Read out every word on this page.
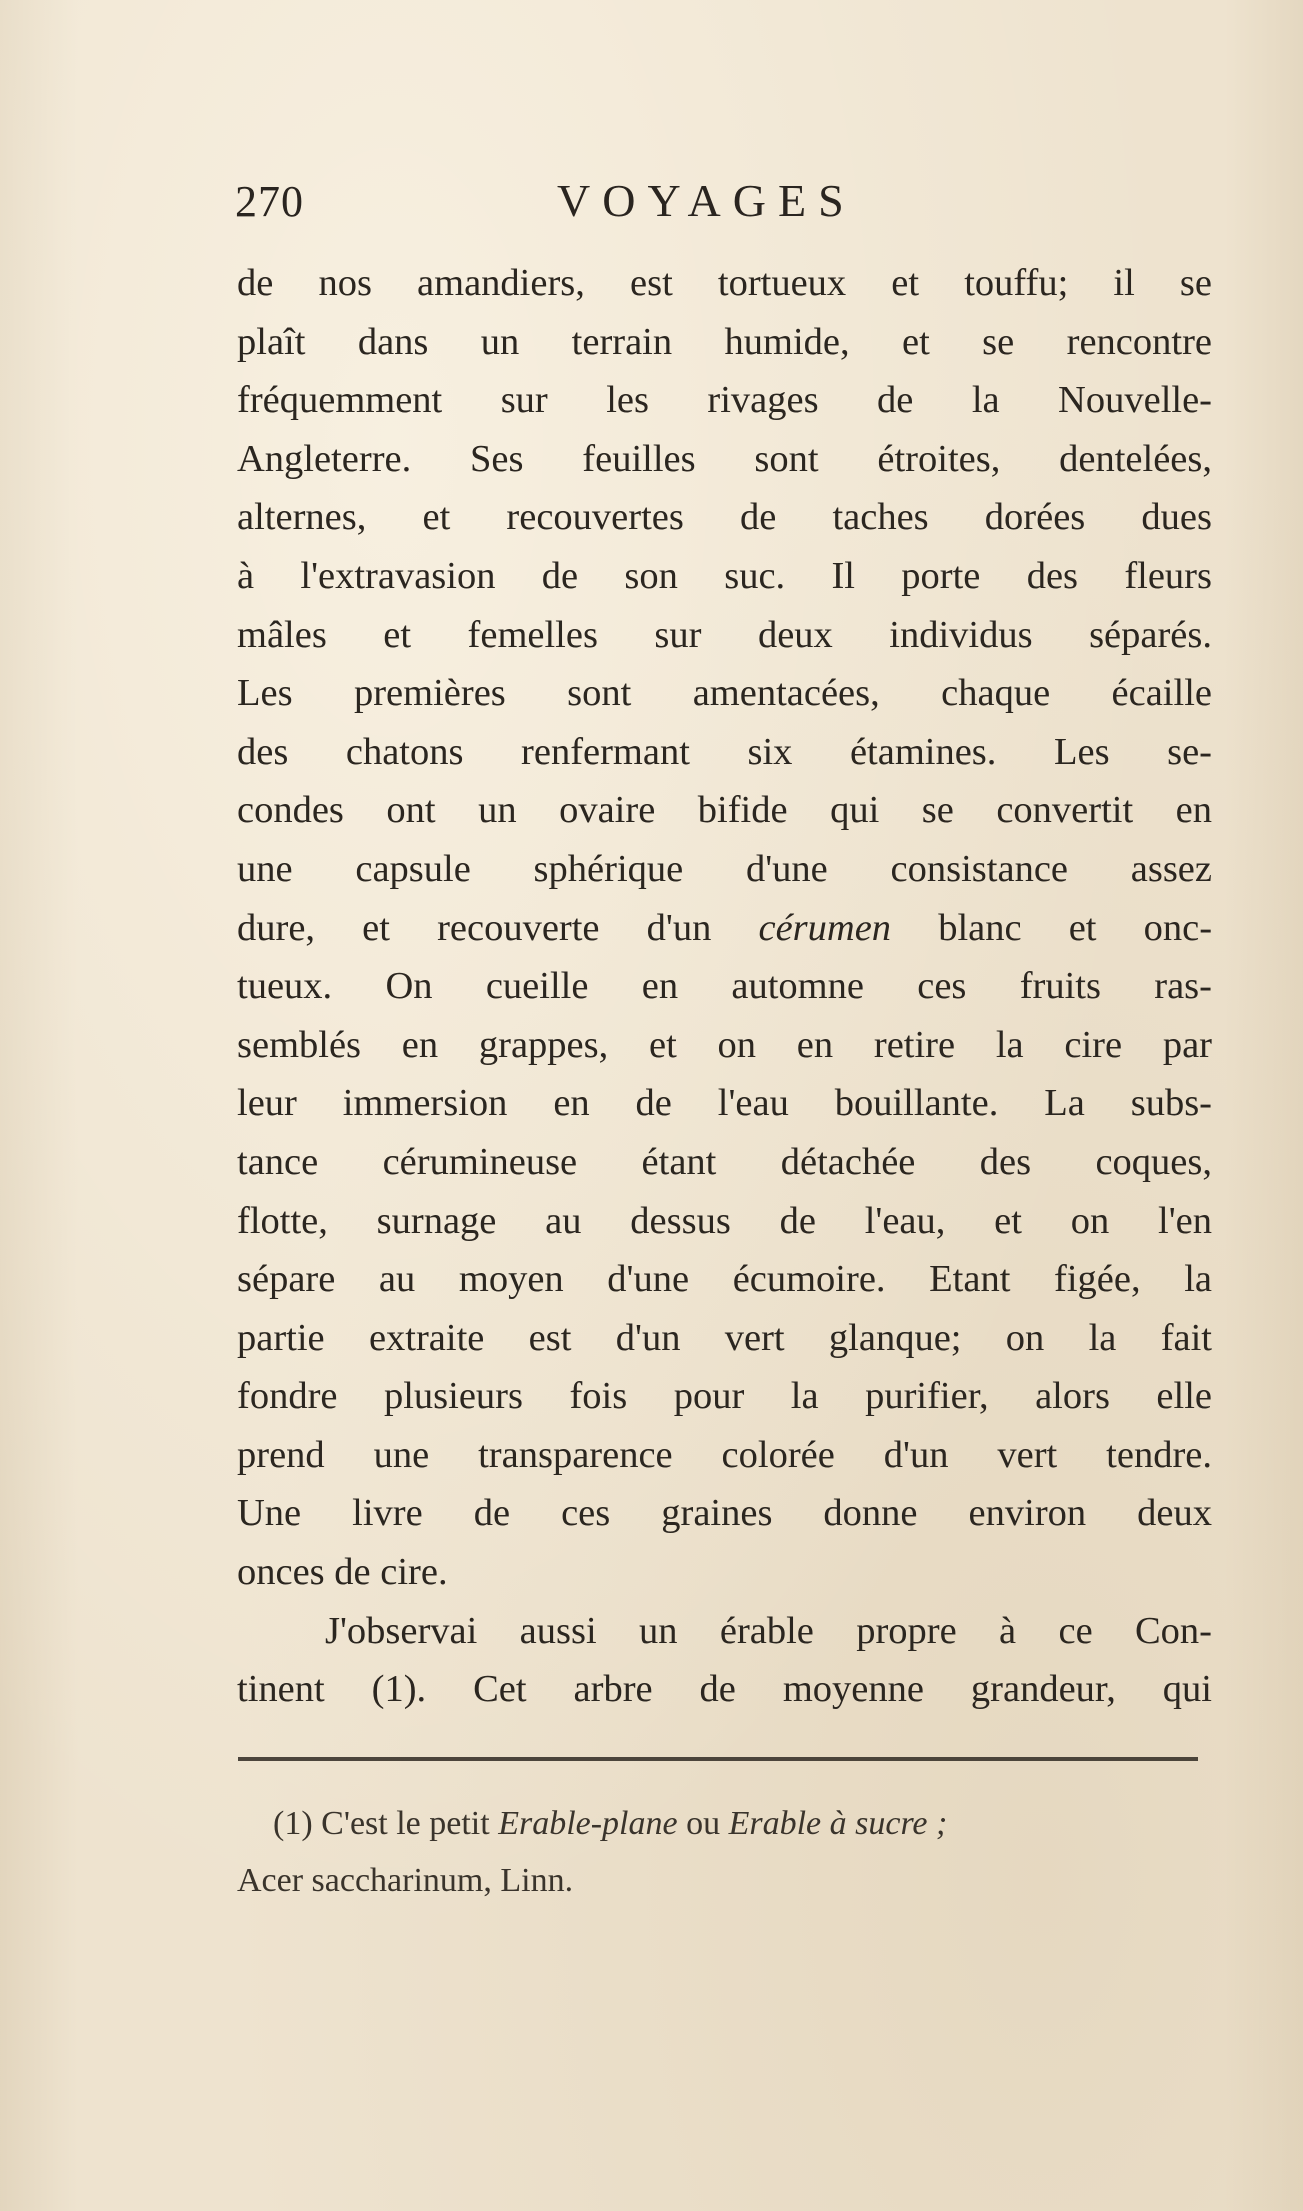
270	VOYAGES
de nos amandiers, est tortueux et touffu; il se
plaît dans un terrain humide, et se rencontre
fréquemment sur les rivages de la Nouvelle-
Angleterre. Ses feuilles sont étroites, dentelées,
alternes, et recouvertes de taches dorées dues
à l'extravasion de son suc. Il porte des fleurs
mâles et femelles sur deux individus séparés.
Les premières sont amentacées, chaque écaille
des chatons renfermant six étamines. Les se-
condes ont un ovaire bifide qui se convertit en
une capsule sphérique d'une consistance assez
dure, et recouverte d'un cérumen blanc et onc-
tueux. On cueille en automne ces fruits ras-
semblés en grappes, et on en retire la cire par
leur immersion en de l'eau bouillante. La subs-
tance cérumineuse étant détachée des coques,
flotte, surnage au dessus de l'eau, et on l'en
sépare au moyen d'une écumoire. Etant figée, la
partie extraite est d'un vert glanque; on la fait
fondre plusieurs fois pour la purifier, alors elle
prend une transparence colorée d'un vert tendre.
Une livre de ces graines donne environ deux
onces de cire.
J'observai aussi un érable propre à ce Con-
tinent (1). Cet arbre de moyenne grandeur, qui
(1) C'est le petit Erable-plane ou Erable à sucre ;
Acer saccharinum, Linn.
